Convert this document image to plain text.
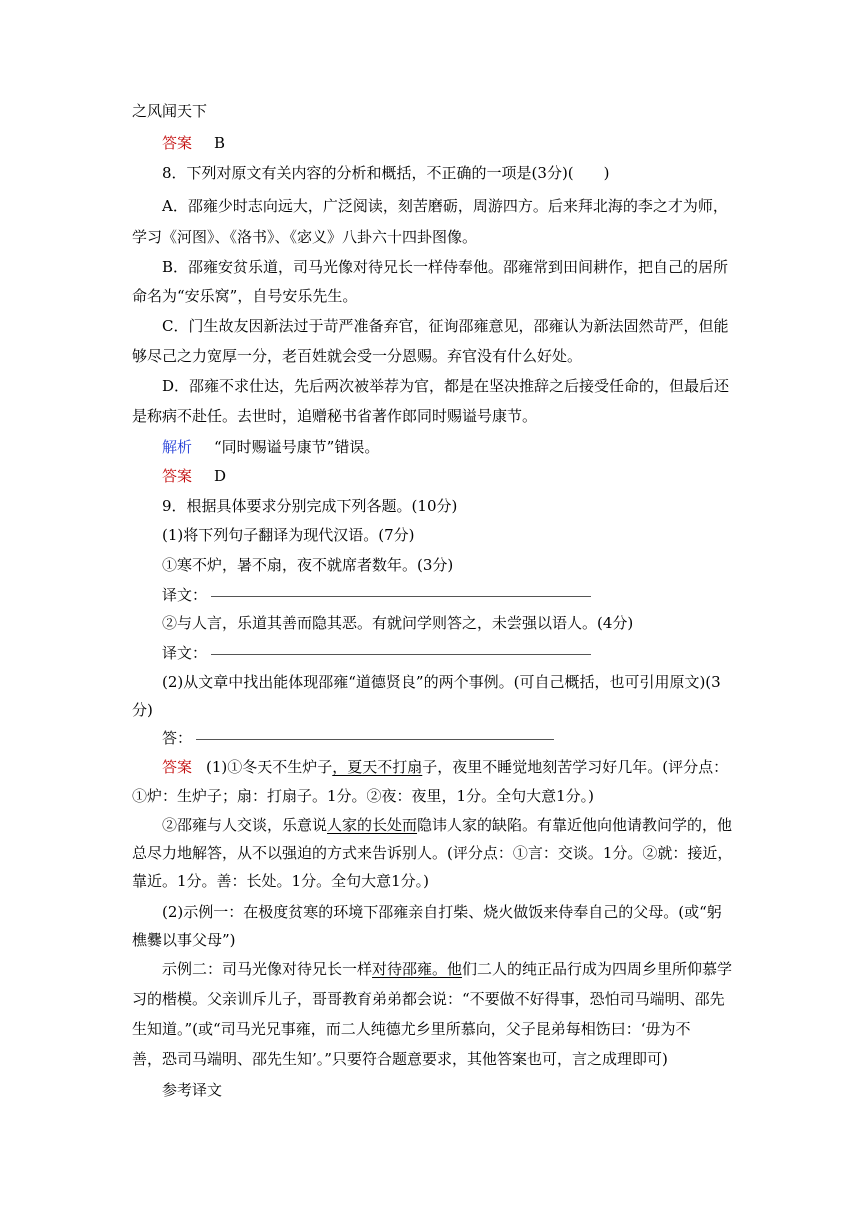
之风闻天下
答案 B
8．下列对原文有关内容的分析和概括，不正确的一项是(3分)(　　)
A．邵雍少时志向远大，广泛阅读，刻苦磨砺，周游四方。后来拜北海的李之才为师，
学习《河图》、《洛书》、《宓义》八卦六十四卦图像。
B．邵雍安贫乐道，司马光像对待兄长一样侍奉他。邵雍常到田间耕作，把自己的居所
命名为“安乐窝”，自号安乐先生。
C．门生故友因新法过于苛严准备弃官，征询邵雍意见，邵雍认为新法固然苛严，但能
够尽己之力宽厚一分，老百姓就会受一分恩赐。弃官没有什么好处。
D．邵雍不求仕达，先后两次被举荐为官，都是在坚决推辞之后接受任命的，但最后还
是称病不赴任。去世时，追赠秘书省著作郎同时赐谥号康节。
解析 “同时赐谥号康节”错误。
答案 D
9．根据具体要求分别完成下列各题。(10分)
(1)将下列句子翻译为现代汉语。(7分)
①寒不炉，暑不扇，夜不就席者数年。(3分)
译文：
②与人言，乐道其善而隐其恶。有就问学则答之，未尝强以语人。(4分)
译文：
(2)从文章中找出能体现邵雍“道德贤良”的两个事例。(可自己概括，也可引用原文)(3
分)
答：
答案 (1)①冬天不生炉子，夏天不打扇子，夜里不睡觉地刻苦学习好几年。(评分点：
①炉：生炉子；扇：打扇子。1分。②夜：夜里，1分。全句大意1分。)
②邵雍与人交谈，乐意说人家的长处而隐讳人家的缺陷。有靠近他向他请教问学的，他
总尽力地解答，从不以强迫的方式来告诉别人。(评分点：①言：交谈。1分。②就：接近，
靠近。1分。善：长处。1分。全句大意1分。)
(2)示例一：在极度贫寒的环境下邵雍亲自打柴、烧火做饭来侍奉自己的父母。(或“躬
樵爨以事父母”)
示例二：司马光像对待兄长一样对待邵雍。他们二人的纯正品行成为四周乡里所仰慕学
习的楷模。父亲训斥儿子，哥哥教育弟弟都会说：“不要做不好得事，恐怕司马端明、邵先
生知道。”(或“司马光兄事雍，而二人纯德尤乡里所慕向，父子昆弟每相饬曰：‘毋为不
善，恐司马端明、邵先生知’。”只要符合题意要求，其他答案也可，言之成理即可)
参考译文
